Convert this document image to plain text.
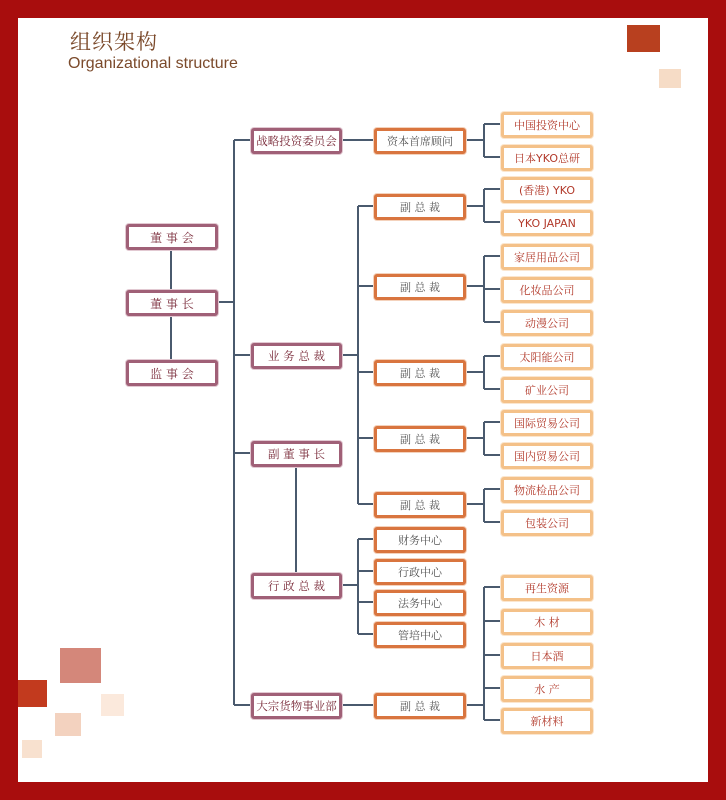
组织架构
Organizational structure
董 事 会
董 事 长
监 事 会
战略投资委员会
业 务 总 裁
副 董 事 长
行 政 总 裁
大宗货物事业部
资本首席顾问
副 总 裁
副 总 裁
副 总 裁
副 总 裁
副 总 裁
财务中心
行政中心
法务中心
管培中心
副 总 裁
中国投资中心
日本YKO总研
(香港) YKO
YKO JAPAN
家居用品公司
化妆品公司
动漫公司
太阳能公司
矿业公司
国际贸易公司
国内贸易公司
物流检品公司
包装公司
再生资源
木 材
日本酒
水 产
新材料
